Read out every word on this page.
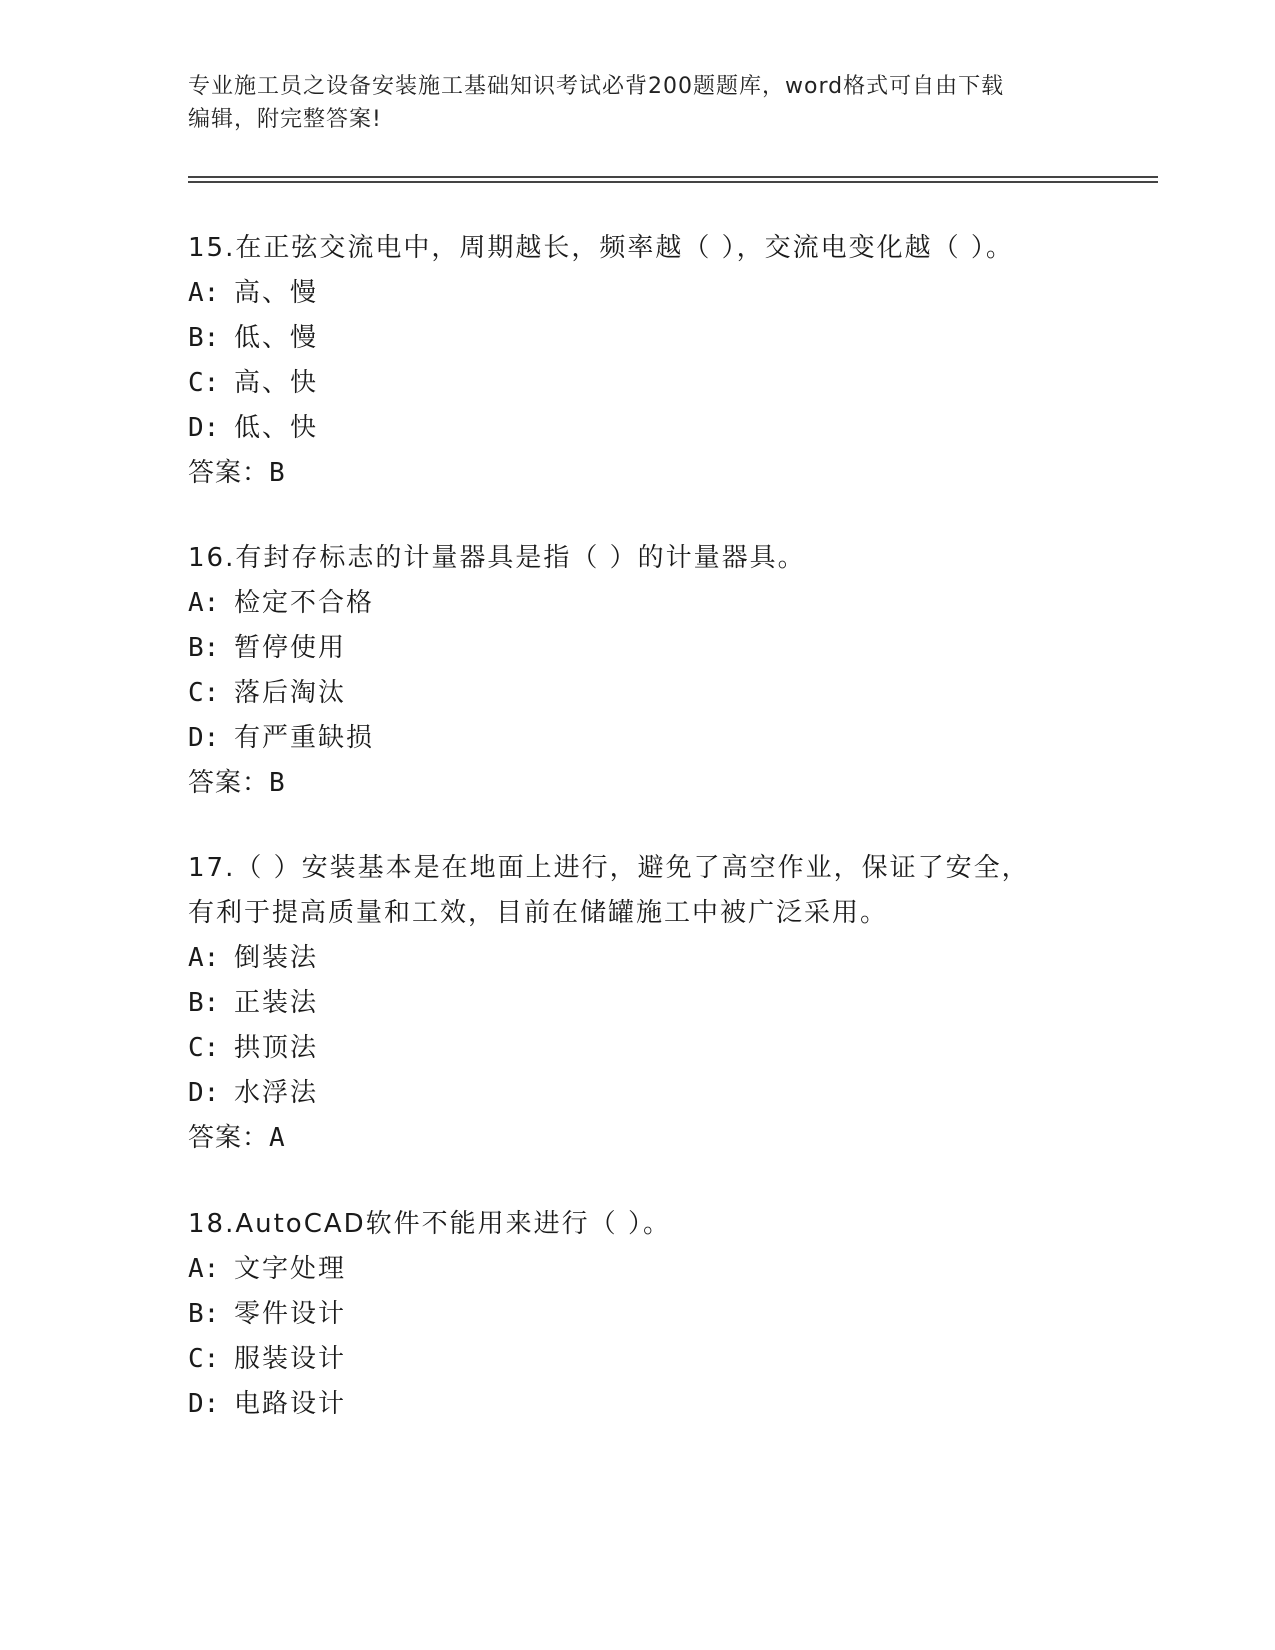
专业施工员之设备安装施工基础知识考试必背200题题库，word格式可自由下载
编辑，附完整答案!
15.在正弦交流电中，周期越长，频率越（ ），交流电变化越（ ）。
A: 高、慢
B: 低、慢
C: 高、快
D: 低、快
答案：B
16.有封存标志的计量器具是指（ ）的计量器具。
A: 检定不合格
B: 暂停使用
C: 落后淘汰
D: 有严重缺损
答案：B
17.（ ）安装基本是在地面上进行，避免了高空作业，保证了安全，
有利于提高质量和工效，目前在储罐施工中被广泛采用。
A: 倒装法
B: 正装法
C: 拱顶法
D: 水浮法
答案：A
18.AutoCAD软件不能用来进行（ ）。
A: 文字处理
B: 零件设计
C: 服装设计
D: 电路设计
